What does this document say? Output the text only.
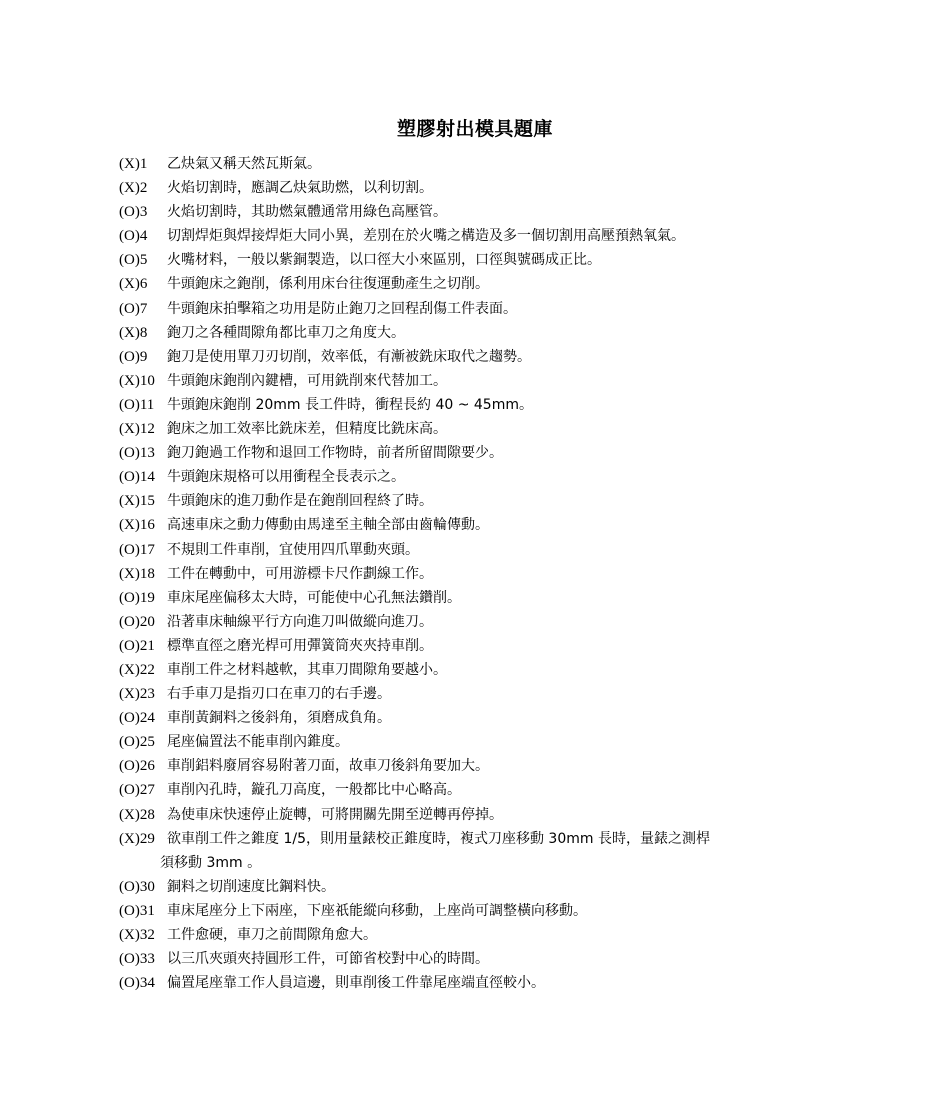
塑膠射出模具題庫
(X)1	乙炔氣又稱天然瓦斯氣。
(X)2	火焰切割時，應調乙炔氣助燃，以利切割。
(O)3	火焰切割時，其助燃氣體通常用綠色高壓管。
(O)4	切割焊炬與焊接焊炬大同小異，差別在於火嘴之構造及多一個切割用高壓預熱氧氣。
(O)5	火嘴材料，一般以紫銅製造，以口徑大小來區別，口徑與號碼成正比。
(X)6	牛頭鉋床之鉋削，係利用床台往復運動產生之切削。
(O)7	牛頭鉋床拍擊箱之功用是防止鉋刀之回程刮傷工件表面。
(X)8	鉋刀之各種間隙角都比車刀之角度大。
(O)9	鉋刀是使用單刀刃切削，效率低，有漸被銑床取代之趨勢。
(X)10 牛頭鉋床鉋削內鍵槽，可用銑削來代替加工。
(O)11 牛頭鉋床鉋削 20mm 長工件時，衝程長約 40 ~ 45mm。
(X)12 鉋床之加工效率比銑床差，但精度比銑床高。
(O)13 鉋刀鉋過工作物和退回工作物時，前者所留間隙要少。
(O)14 牛頭鉋床規格可以用衝程全長表示之。
(X)15 牛頭鉋床的進刀動作是在鉋削回程終了時。
(X)16 高速車床之動力傳動由馬達至主軸全部由齒輪傳動。
(O)17 不規則工件車削，宜使用四爪單動夾頭。
(X)18 工件在轉動中，可用游標卡尺作劃線工作。
(O)19 車床尾座偏移太大時，可能使中心孔無法鑽削。
(O)20 沿著車床軸線平行方向進刀叫做縱向進刀。
(O)21 標準直徑之磨光桿可用彈簧筒夾夾持車削。
(X)22 車削工件之材料越軟，其車刀間隙角要越小。
(X)23 右手車刀是指刃口在車刀的右手邊。
(O)24 車削黃銅料之後斜角，須磨成負角。
(O)25 尾座偏置法不能車削內錐度。
(O)26 車削鋁料廢屑容易附著刀面，故車刀後斜角要加大。
(O)27 車削內孔時，鏇孔刀高度，一般都比中心略高。
(X)28 為使車床快速停止旋轉，可將開關先開至逆轉再停掉。
(X)29 欲車削工件之錐度 1/5，則用量錶校正錐度時，複式刀座移動 30mm 長時，量錶之測桿
須移動 3mm 。
(O)30 銅料之切削速度比鋼料快。
(O)31 車床尾座分上下兩座，下座祇能縱向移動，上座尚可調整橫向移動。
(X)32 工件愈硬，車刀之前間隙角愈大。
(O)33 以三爪夾頭夾持圓形工件，可節省校對中心的時間。
(O)34 偏置尾座靠工作人員這邊，則車削後工件靠尾座端直徑較小。
